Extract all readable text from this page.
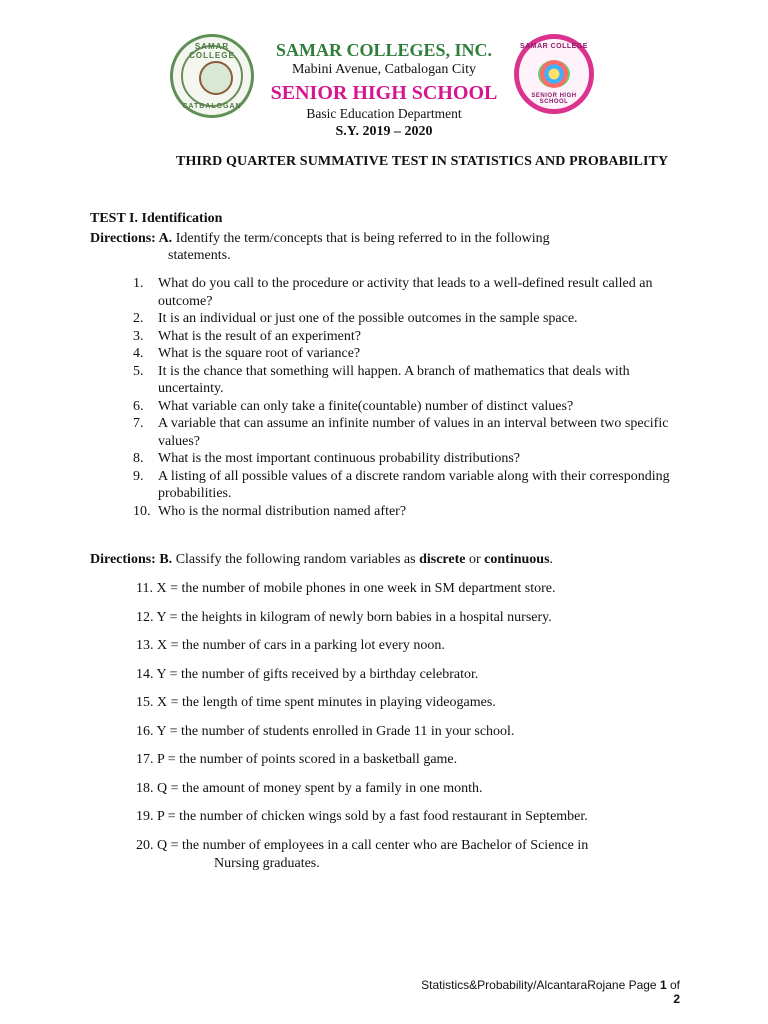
SAMAR COLLEGE
CATBALOGAN
SAMAR COLLEGES, INC.
Mabini Avenue, Catbalogan City
SENIOR HIGH SCHOOL
Basic Education Department
SAMAR COLLEGE
SENIOR HIGH SCHOOL
S.Y. 2019 – 2020
THIRD QUARTER SUMMATIVE TEST IN STATISTICS AND PROBABILITY
TEST I. Identification
Directions: A. Identify the term/concepts that is being referred to in the following
statements.
1. What do you call to the procedure or activity that leads to a well-defined result called an outcome?
2. It is an individual or just one of the possible outcomes in the sample space.
3. What is the result of an experiment?
4. What is the square root of variance?
5. It is the chance that something will happen. A branch of mathematics that deals with uncertainty.
6. What variable can only take a finite(countable) number of distinct values?
7. A variable that can assume an infinite number of values in an interval between two specific values?
8. What is the most important continuous probability distributions?
9. A listing of all possible values of a discrete random variable along with their corresponding probabilities.
10. Who is the normal distribution named after?
Directions: B. Classify the following random variables as discrete or continuous.
11. X = the number of mobile phones in one week in SM department store.
12. Y = the heights in kilogram of newly born babies in a hospital nursery.
13. X = the number of cars in a parking lot every noon.
14. Y = the number of gifts received by a birthday celebrator.
15. X = the length of time spent minutes in playing videogames.
16. Y = the number of students enrolled in Grade 11 in your school.
17. P = the number of points scored in a basketball game.
18. Q = the amount of money spent by a family in one month.
19. P = the number of chicken wings sold by a fast food restaurant in September.
20. Q = the number of employees in a call center who are Bachelor of Science in
Nursing graduates.
Statistics&Probability/AlcantaraRojane Page 1 of 2
